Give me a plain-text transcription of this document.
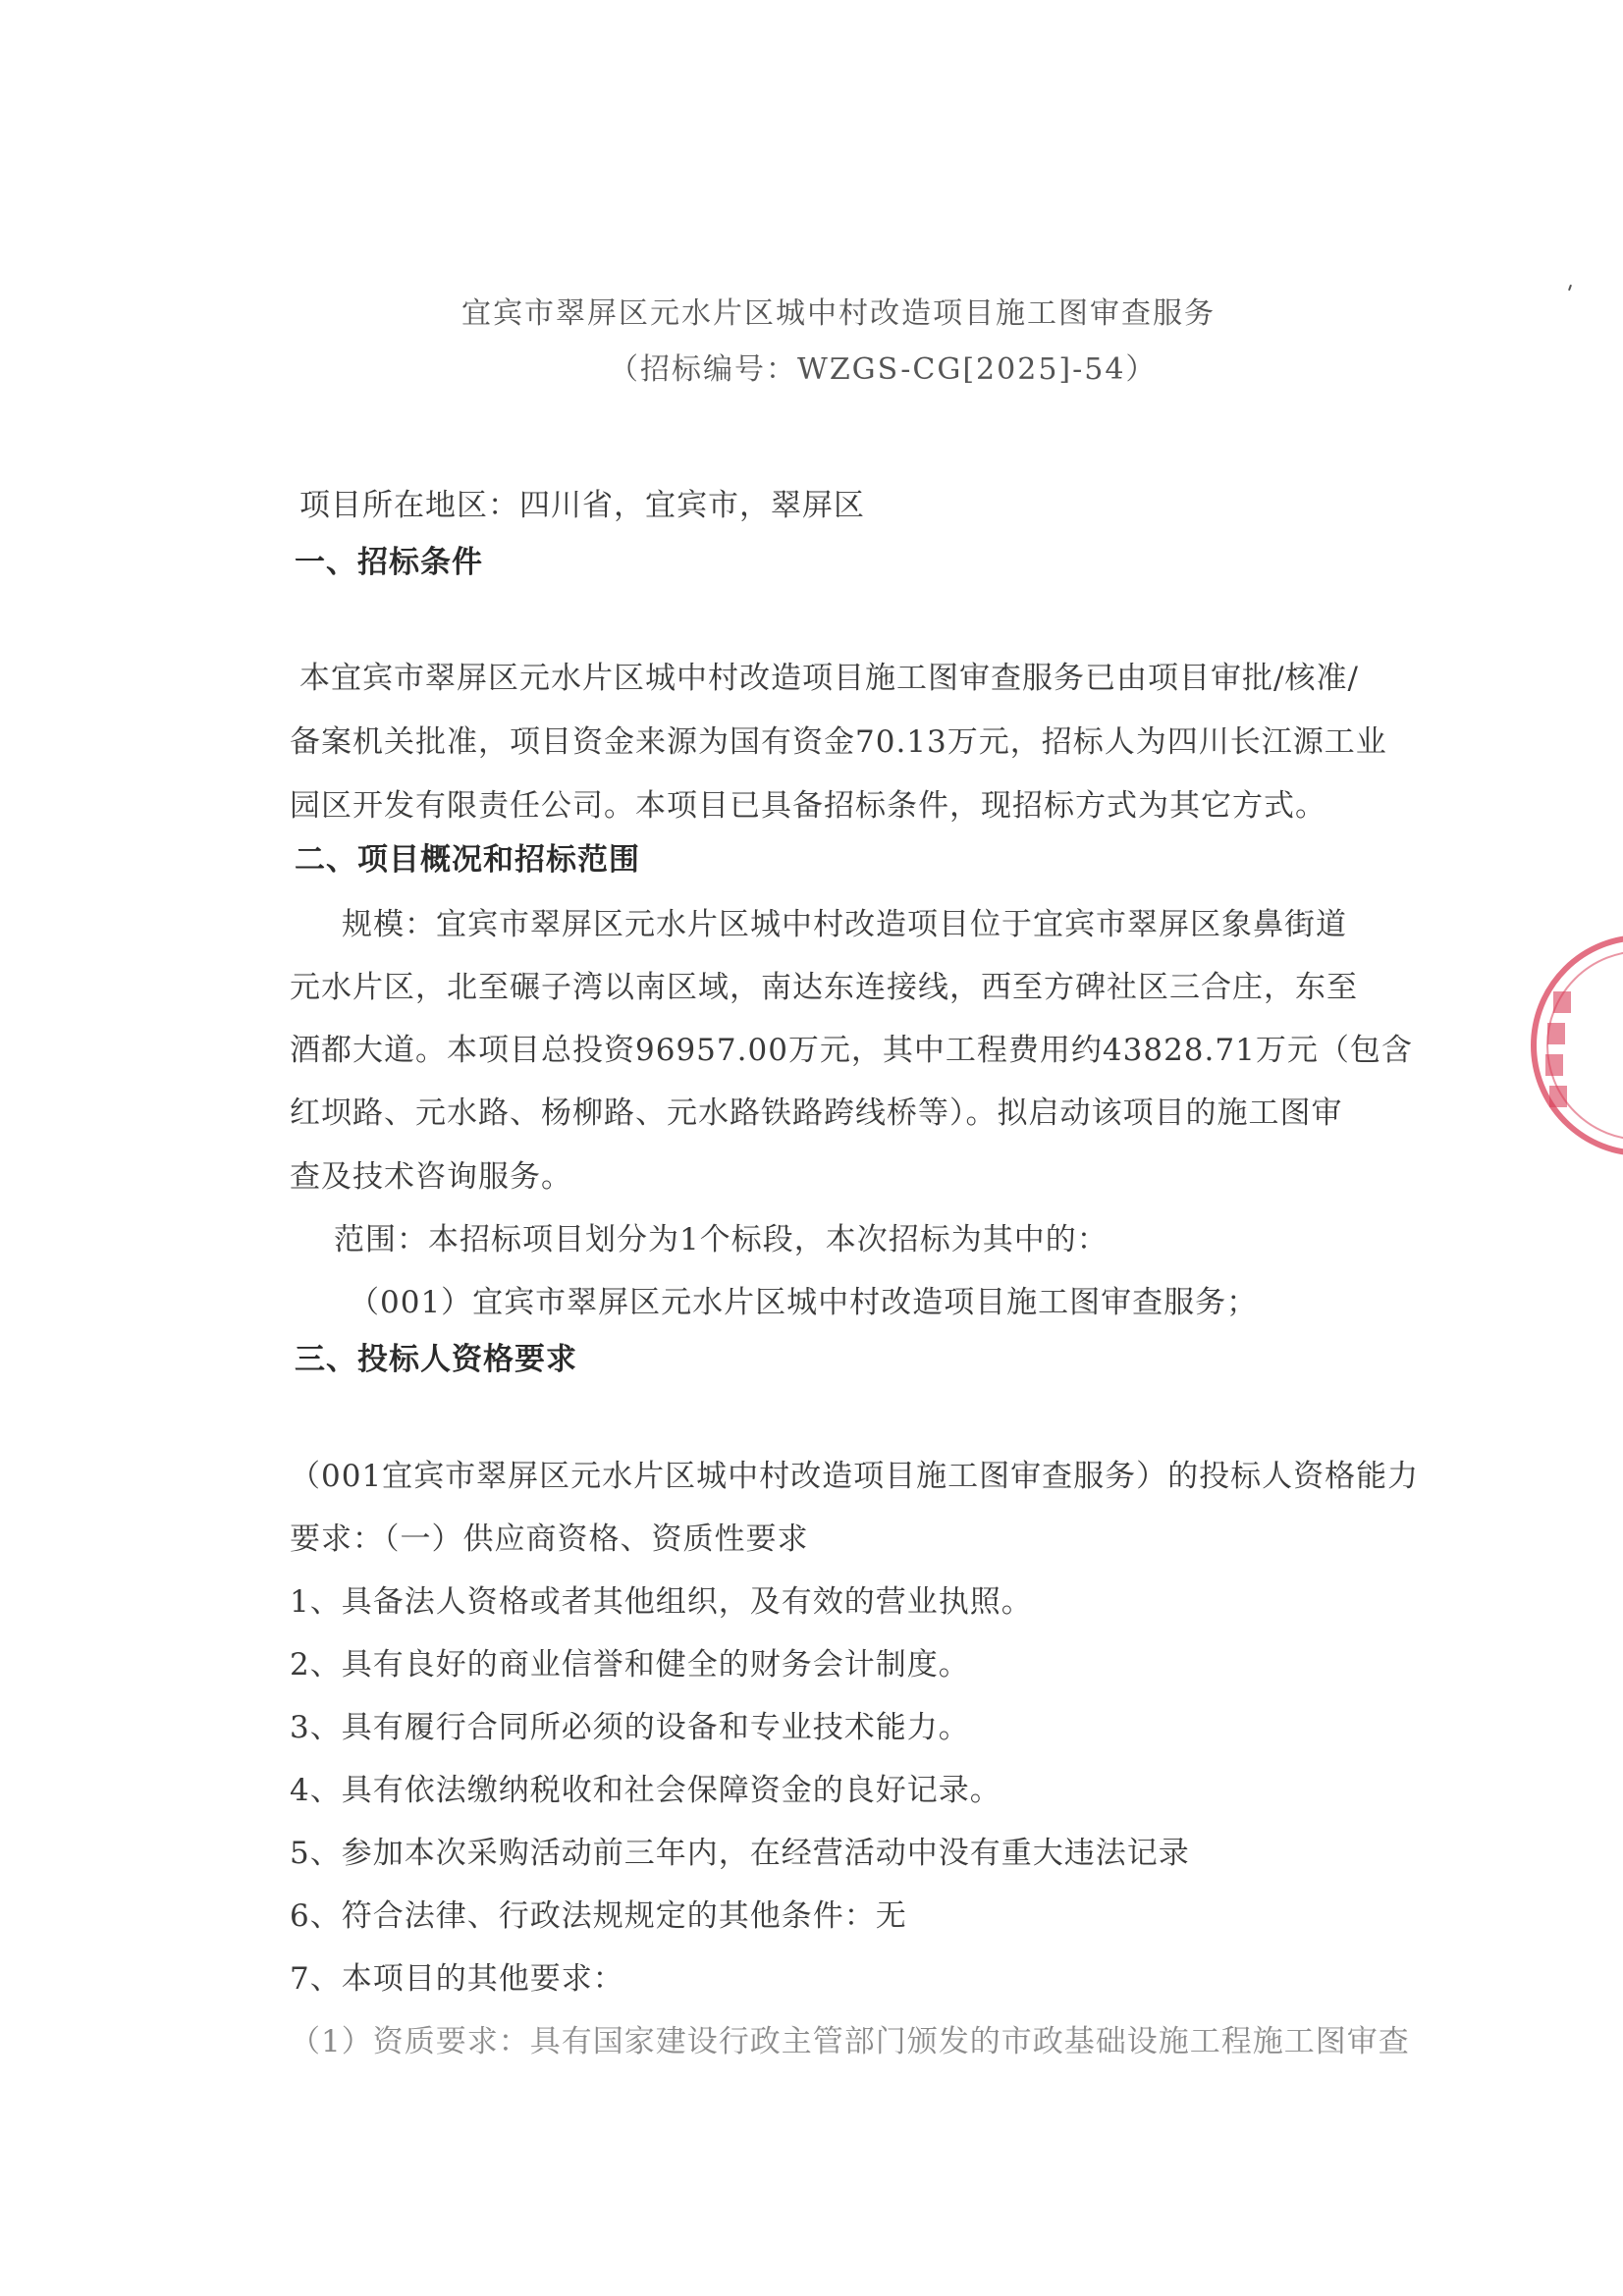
宜宾市翠屏区元水片区城中村改造项目施工图审查服务
（招标编号：WZGS-CG[2025]-54）
项目所在地区：四川省，宜宾市，翠屏区
一、招标条件
本宜宾市翠屏区元水片区城中村改造项目施工图审查服务已由项目审批/核准/
备案机关批准，项目资金来源为国有资金70.13万元，招标人为四川长江源工业
园区开发有限责任公司。本项目已具备招标条件，现招标方式为其它方式。
二、项目概况和招标范围
规模：宜宾市翠屏区元水片区城中村改造项目位于宜宾市翠屏区象鼻街道
元水片区，北至碾子湾以南区域，南达东连接线，西至方碑社区三合庄，东至
酒都大道。本项目总投资96957.00万元，其中工程费用约43828.71万元（包含
红坝路、元水路、杨柳路、元水路铁路跨线桥等）。拟启动该项目的施工图审
查及技术咨询服务。
范围：本招标项目划分为1个标段，本次招标为其中的：
（001）宜宾市翠屏区元水片区城中村改造项目施工图审查服务；
三、投标人资格要求
（001宜宾市翠屏区元水片区城中村改造项目施工图审查服务）的投标人资格能力
要求：（一）供应商资格、资质性要求
1、具备法人资格或者其他组织，及有效的营业执照。
2、具有良好的商业信誉和健全的财务会计制度。
3、具有履行合同所必须的设备和专业技术能力。
4、具有依法缴纳税收和社会保障资金的良好记录。
5、参加本次采购活动前三年内，在经营活动中没有重大违法记录
6、符合法律、行政法规规定的其他条件：无
7、本项目的其他要求：
（1）资质要求：具有国家建设行政主管部门颁发的市政基础设施工程施工图审查
